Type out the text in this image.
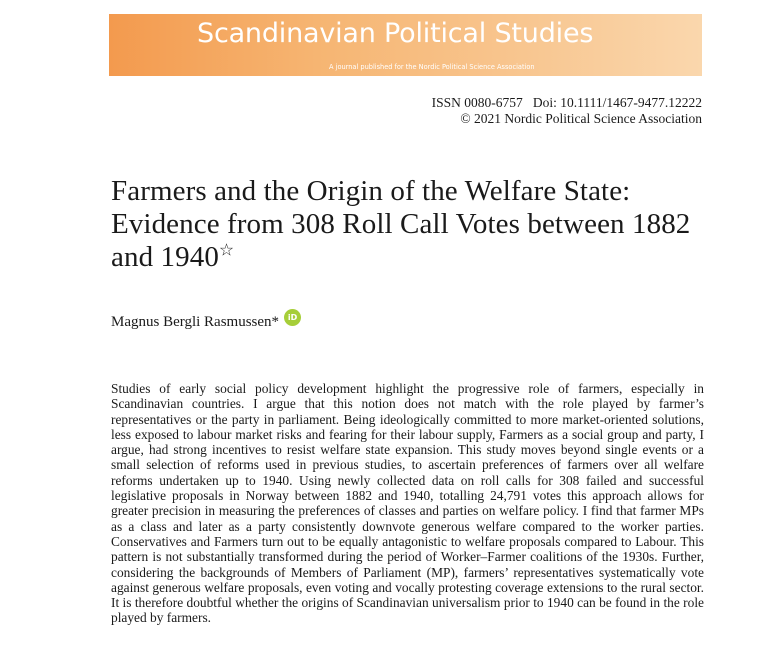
Scandinavian Political Studies
A journal published for the Nordic Political Science Association
ISSN 0080-6757   Doi: 10.1111/1467-9477.12222
© 2021 Nordic Political Science Association
Farmers and the Origin of the Welfare State: Evidence from 308 Roll Call Votes between 1882 and 1940☆
Magnus Bergli Rasmussen*	iD

Studies of early social policy development highlight the progressive role of farmers, especially in Scandinavian countries. I argue that this notion does not match with the role played by farmer’s representatives or the party in parliament. Being ideologically committed to more market-oriented solutions, less exposed to labour market risks and fearing for their labour supply, Farmers as a social group and party, I argue, had strong incentives to resist welfare state expansion. This study moves beyond single events or a small selection of reforms used in previous studies, to ascertain preferences of farmers over all welfare reforms undertaken up to 1940. Using newly collected data on roll calls for 308 failed and successful legislative proposals in Norway between 1882 and 1940, totalling 24,791 votes this approach allows for greater precision in measuring the preferences of classes and parties on welfare policy. I find that farmer MPs as a class and later as a party consistently downvote generous welfare compared to the worker parties. Conservatives and Farmers turn out to be equally antagonistic to welfare proposals compared to Labour. This pattern is not substantially transformed during the period of Worker–Farmer coalitions of the 1930s. Further, considering the backgrounds of Members of Parliament (MP), farmers’ representatives systematically vote against generous welfare proposals, even voting and vocally protesting coverage extensions to the rural sector. It is therefore doubtful whether the origins of Scandinavian universalism prior to 1940 can be found in the role played by farmers.
